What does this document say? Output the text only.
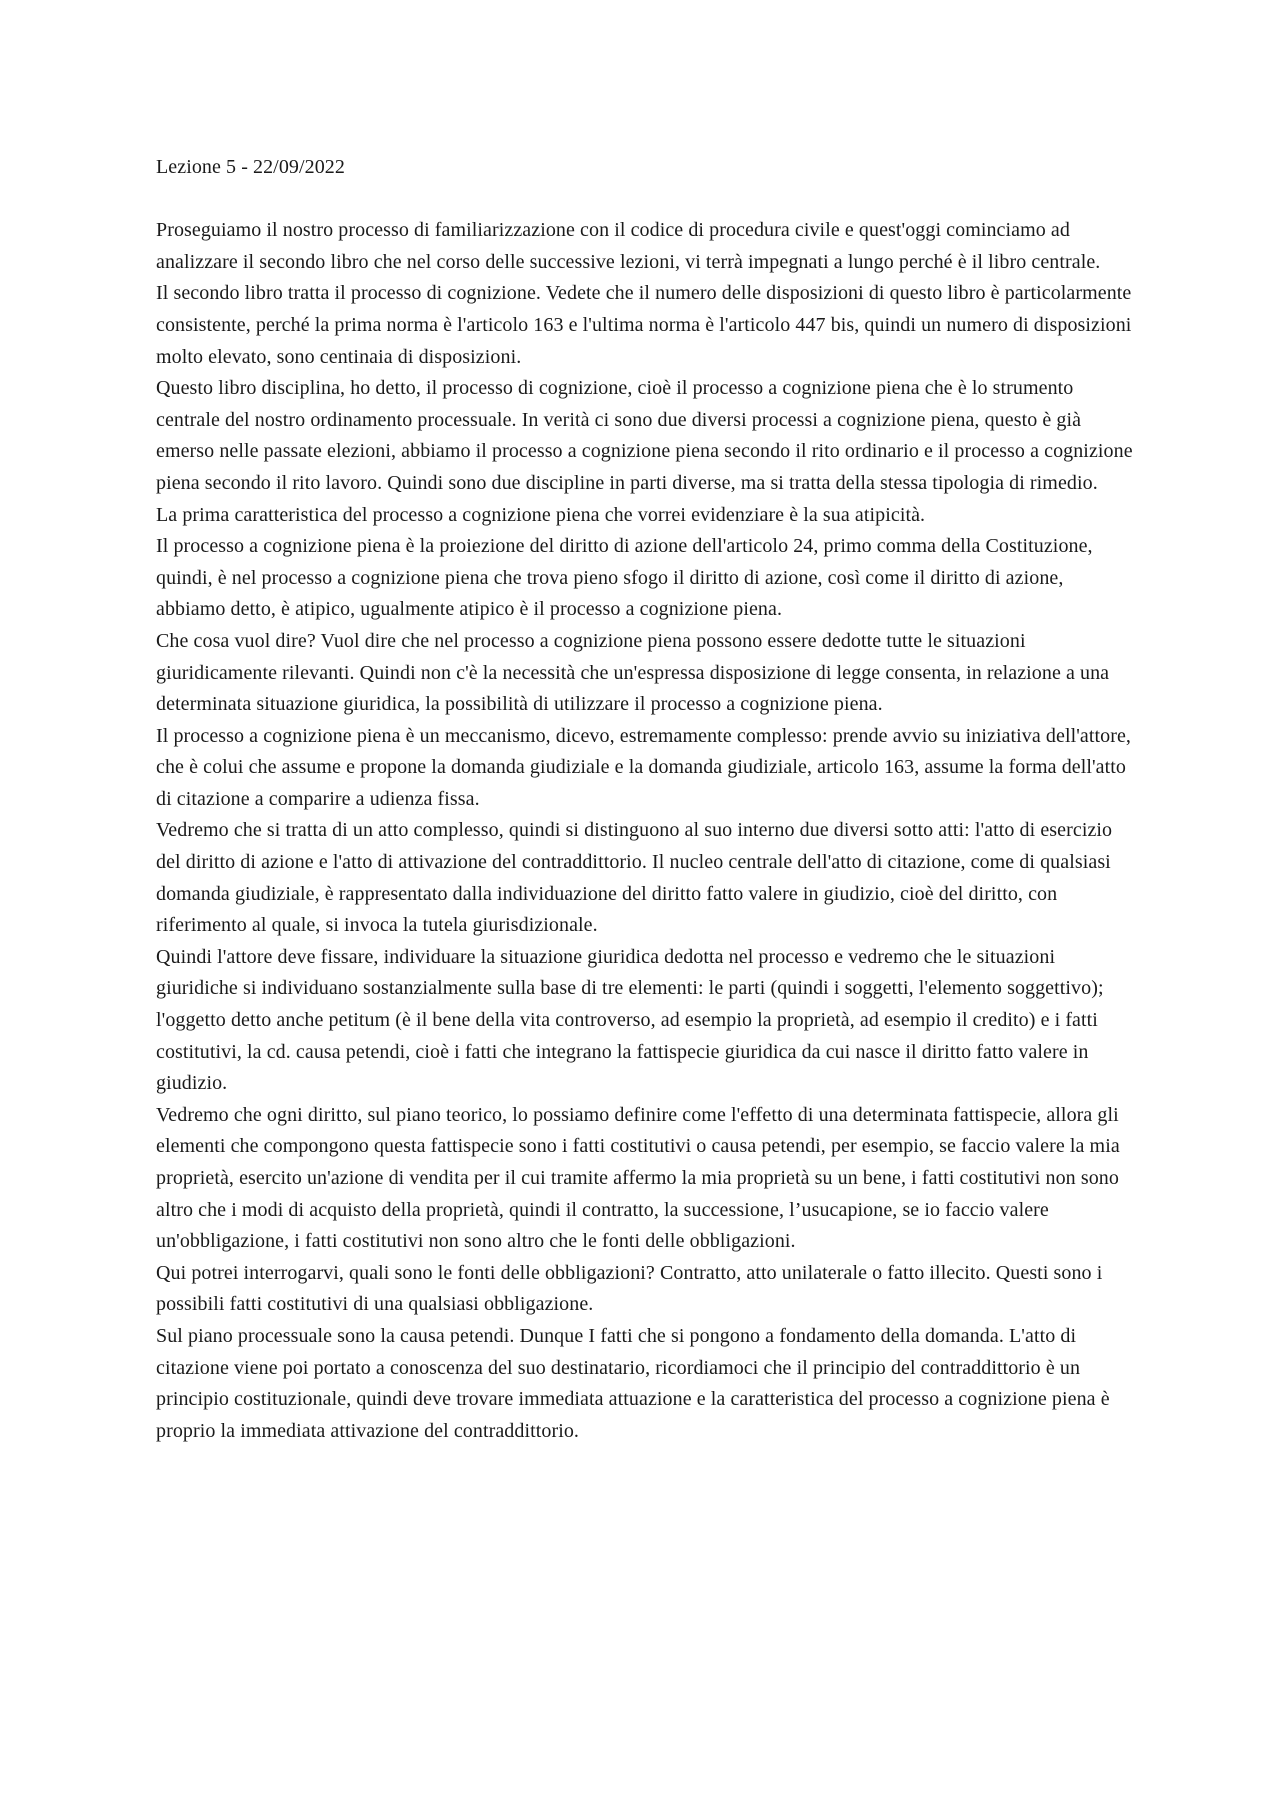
Lezione 5 - 22/09/2022

Proseguiamo il nostro processo di familiarizzazione con il codice di procedura civile e quest'oggi cominciamo ad analizzare il secondo libro che nel corso delle successive lezioni, vi terrà impegnati a lungo perché è il libro centrale.

Il secondo libro tratta il processo di cognizione. Vedete che il numero delle disposizioni di questo libro è particolarmente consistente, perché la prima norma è l'articolo 163 e l'ultima norma è l'articolo 447 bis, quindi un numero di disposizioni molto elevato, sono centinaia di disposizioni.

Questo libro disciplina, ho detto, il processo di cognizione, cioè il processo a cognizione piena che è lo strumento centrale del nostro ordinamento processuale. In verità ci sono due diversi processi a cognizione piena, questo è già emerso nelle passate elezioni, abbiamo il processo a cognizione piena secondo il rito ordinario e il processo a cognizione piena secondo il rito lavoro. Quindi sono due discipline in parti diverse, ma si tratta della stessa tipologia di rimedio.

La prima caratteristica del processo a cognizione piena che vorrei evidenziare è la sua atipicità.

Il processo a cognizione piena è la proiezione del diritto di azione dell'articolo 24, primo comma della Costituzione, quindi, è nel processo a cognizione piena che trova pieno sfogo il diritto di azione, così come il diritto di azione, abbiamo detto, è atipico, ugualmente atipico è il processo a cognizione piena.

Che cosa vuol dire? Vuol dire che nel processo a cognizione piena possono essere dedotte tutte le situazioni giuridicamente rilevanti. Quindi non c'è la necessità che un'espressa disposizione di legge consenta, in relazione a una determinata situazione giuridica, la possibilità di utilizzare il processo a cognizione piena.

Il processo a cognizione piena è un meccanismo, dicevo, estremamente complesso: prende avvio su iniziativa dell'attore, che è colui che assume e propone la domanda giudiziale e la domanda giudiziale, articolo 163, assume la forma dell'atto di citazione a comparire a udienza fissa.

Vedremo che si tratta di un atto complesso, quindi si distinguono al suo interno due diversi sotto atti: l'atto di esercizio del diritto di azione e l'atto di attivazione del contraddittorio. Il nucleo centrale dell'atto di citazione, come di qualsiasi domanda giudiziale, è rappresentato dalla individuazione del diritto fatto valere in giudizio, cioè del diritto, con riferimento al quale, si invoca la tutela giurisdizionale.

Quindi l'attore deve fissare, individuare la situazione giuridica dedotta nel processo e vedremo che le situazioni giuridiche si individuano sostanzialmente sulla base di tre elementi: le parti (quindi i soggetti, l'elemento soggettivo); l'oggetto detto anche petitum (è il bene della vita controverso, ad esempio la proprietà, ad esempio il credito) e i fatti costitutivi, la cd. causa petendi, cioè i fatti che integrano la fattispecie giuridica da cui nasce il diritto fatto valere in giudizio.

Vedremo che ogni diritto, sul piano teorico, lo possiamo definire come l'effetto di una determinata fattispecie, allora gli elementi che compongono questa fattispecie sono i fatti costitutivi o causa petendi, per esempio, se faccio valere la mia proprietà, esercito un'azione di vendita per il cui tramite affermo la mia proprietà su un bene, i fatti costitutivi non sono altro che i modi di acquisto della proprietà, quindi il contratto, la successione, l’usucapione, se io faccio valere un'obbligazione, i fatti costitutivi non sono altro che le fonti delle obbligazioni.

Qui potrei interrogarvi, quali sono le fonti delle obbligazioni? Contratto, atto unilaterale o fatto illecito. Questi sono i possibili fatti costitutivi di una qualsiasi obbligazione.

Sul piano processuale sono la causa petendi. Dunque I fatti che si pongono a fondamento della domanda. L'atto di citazione viene poi portato a conoscenza del suo destinatario, ricordiamoci che il principio del contraddittorio è un principio costituzionale, quindi deve trovare immediata attuazione e la caratteristica del processo a cognizione piena è proprio la immediata attivazione del contraddittorio.
